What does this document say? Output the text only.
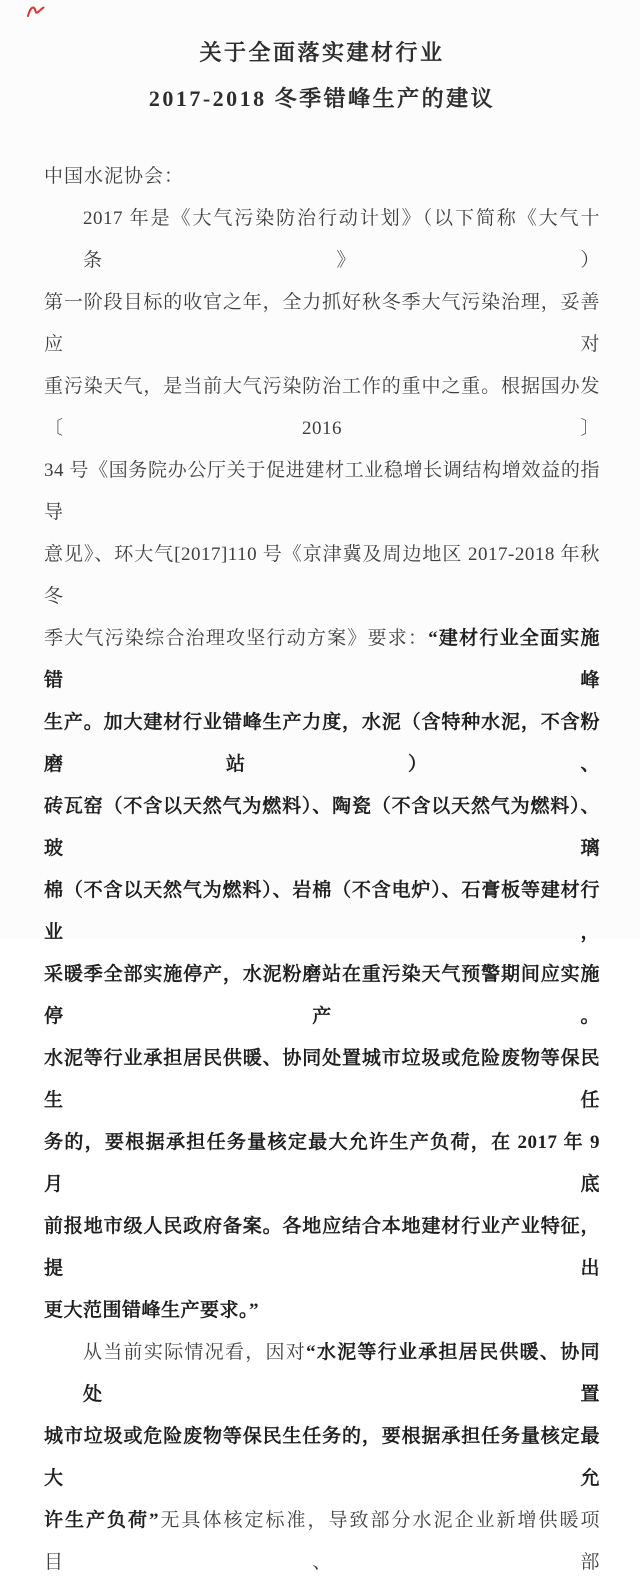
关于全面落实建材行业
2017-2018 冬季错峰生产的建议
中国水泥协会：
2017 年是《大气污染防治行动计划》（以下简称《大气十条》）
第一阶段目标的收官之年，全力抓好秋冬季大气污染治理，妥善应对
重污染天气，是当前大气污染防治工作的重中之重。根据国办发〔2016〕
34 号《国务院办公厅关于促进建材工业稳增长调结构增效益的指导
意见》、环大气[2017]110 号《京津冀及周边地区 2017-2018 年秋冬
季大气污染综合治理攻坚行动方案》要求：“建材行业全面实施错峰
生产。加大建材行业错峰生产力度，水泥（含特种水泥，不含粉磨站）、
砖瓦窑（不含以天然气为燃料）、陶瓷（不含以天然气为燃料）、玻璃
棉（不含以天然气为燃料）、岩棉（不含电炉）、石膏板等建材行业，
采暖季全部实施停产，水泥粉磨站在重污染天气预警期间应实施停产。
水泥等行业承担居民供暖、协同处置城市垃圾或危险废物等保民生任
务的，要根据承担任务量核定最大允许生产负荷，在 2017 年 9 月底
前报地市级人民政府备案。各地应结合本地建材行业产业特征，提出
更大范围错峰生产要求。”
从当前实际情况看，因对“水泥等行业承担居民供暖、协同处置
城市垃圾或危险废物等保民生任务的，要根据承担任务量核定最大允
许生产负荷”无具体核定标准，导致部分水泥企业新增供暖项目、部
